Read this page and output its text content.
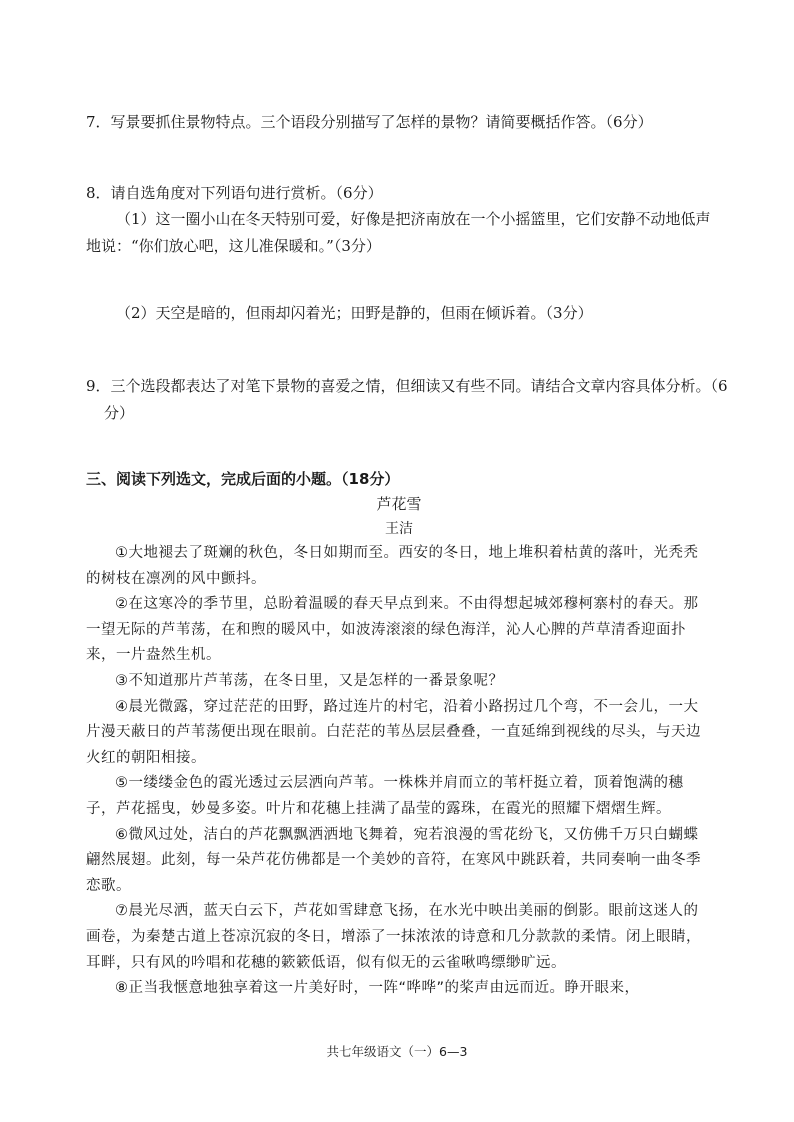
7．写景要抓住景物特点。三个语段分别描写了怎样的景物？请简要概括作答。（6分）
8．请自选角度对下列语句进行赏析。（6分）
（1）这一圈小山在冬天特别可爱，好像是把济南放在一个小摇篮里，它们安静不动地低声地说：“你们放心吧，这儿准保暖和。”（3分）
（2）天空是暗的，但雨却闪着光；田野是静的，但雨在倾诉着。（3分）
9．三个选段都表达了对笔下景物的喜爱之情，但细读又有些不同。请结合文章内容具体分析。（6分）
三、阅读下列选文，完成后面的小题。（18分）
芦花雪
王洁

①大地褪去了斑斓的秋色，冬日如期而至。西安的冬日，地上堆积着枯黄的落叶，光秃秃的树枝在凛冽的风中颤抖。

②在这寒冷的季节里，总盼着温暖的春天早点到来。不由得想起城郊穆柯寨村的春天。那一望无际的芦苇荡，在和煦的暖风中，如波涛滚滚的绿色海洋，沁人心脾的芦草清香迎面扑来，一片盎然生机。

③不知道那片芦苇荡，在冬日里，又是怎样的一番景象呢？

④晨光微露，穿过茫茫的田野，路过连片的村宅，沿着小路拐过几个弯，不一会儿，一大片漫天蔽日的芦苇荡便出现在眼前。白茫茫的苇丛层层叠叠，一直延绵到视线的尽头，与天边火红的朝阳相接。

⑤一缕缕金色的霞光透过云层洒向芦苇。一株株并肩而立的苇杆挺立着，顶着饱满的穗子，芦花摇曳，妙曼多姿。叶片和花穗上挂满了晶莹的露珠，在霞光的照耀下熠熠生辉。

⑥微风过处，洁白的芦花飘飘洒洒地飞舞着，宛若浪漫的雪花纷飞，又仿佛千万只白蝴蝶翩然展翅。此刻，每一朵芦花仿佛都是一个美妙的音符，在寒风中跳跃着，共同奏响一曲冬季恋歌。

⑦晨光尽洒，蓝天白云下，芦花如雪肆意飞扬，在水光中映出美丽的倒影。眼前这迷人的画卷，为秦楚古道上苍凉沉寂的冬日，增添了一抹浓浓的诗意和几分款款的柔情。闭上眼睛，耳畔，只有风的吟唱和花穗的簌簌低语，似有似无的云雀啾鸣缥缈旷远。

⑧正当我惬意地独享着这一片美好时，一阵“哗哗”的桨声由远而近。睁开眼来，

共七年级语文（一）6—3
